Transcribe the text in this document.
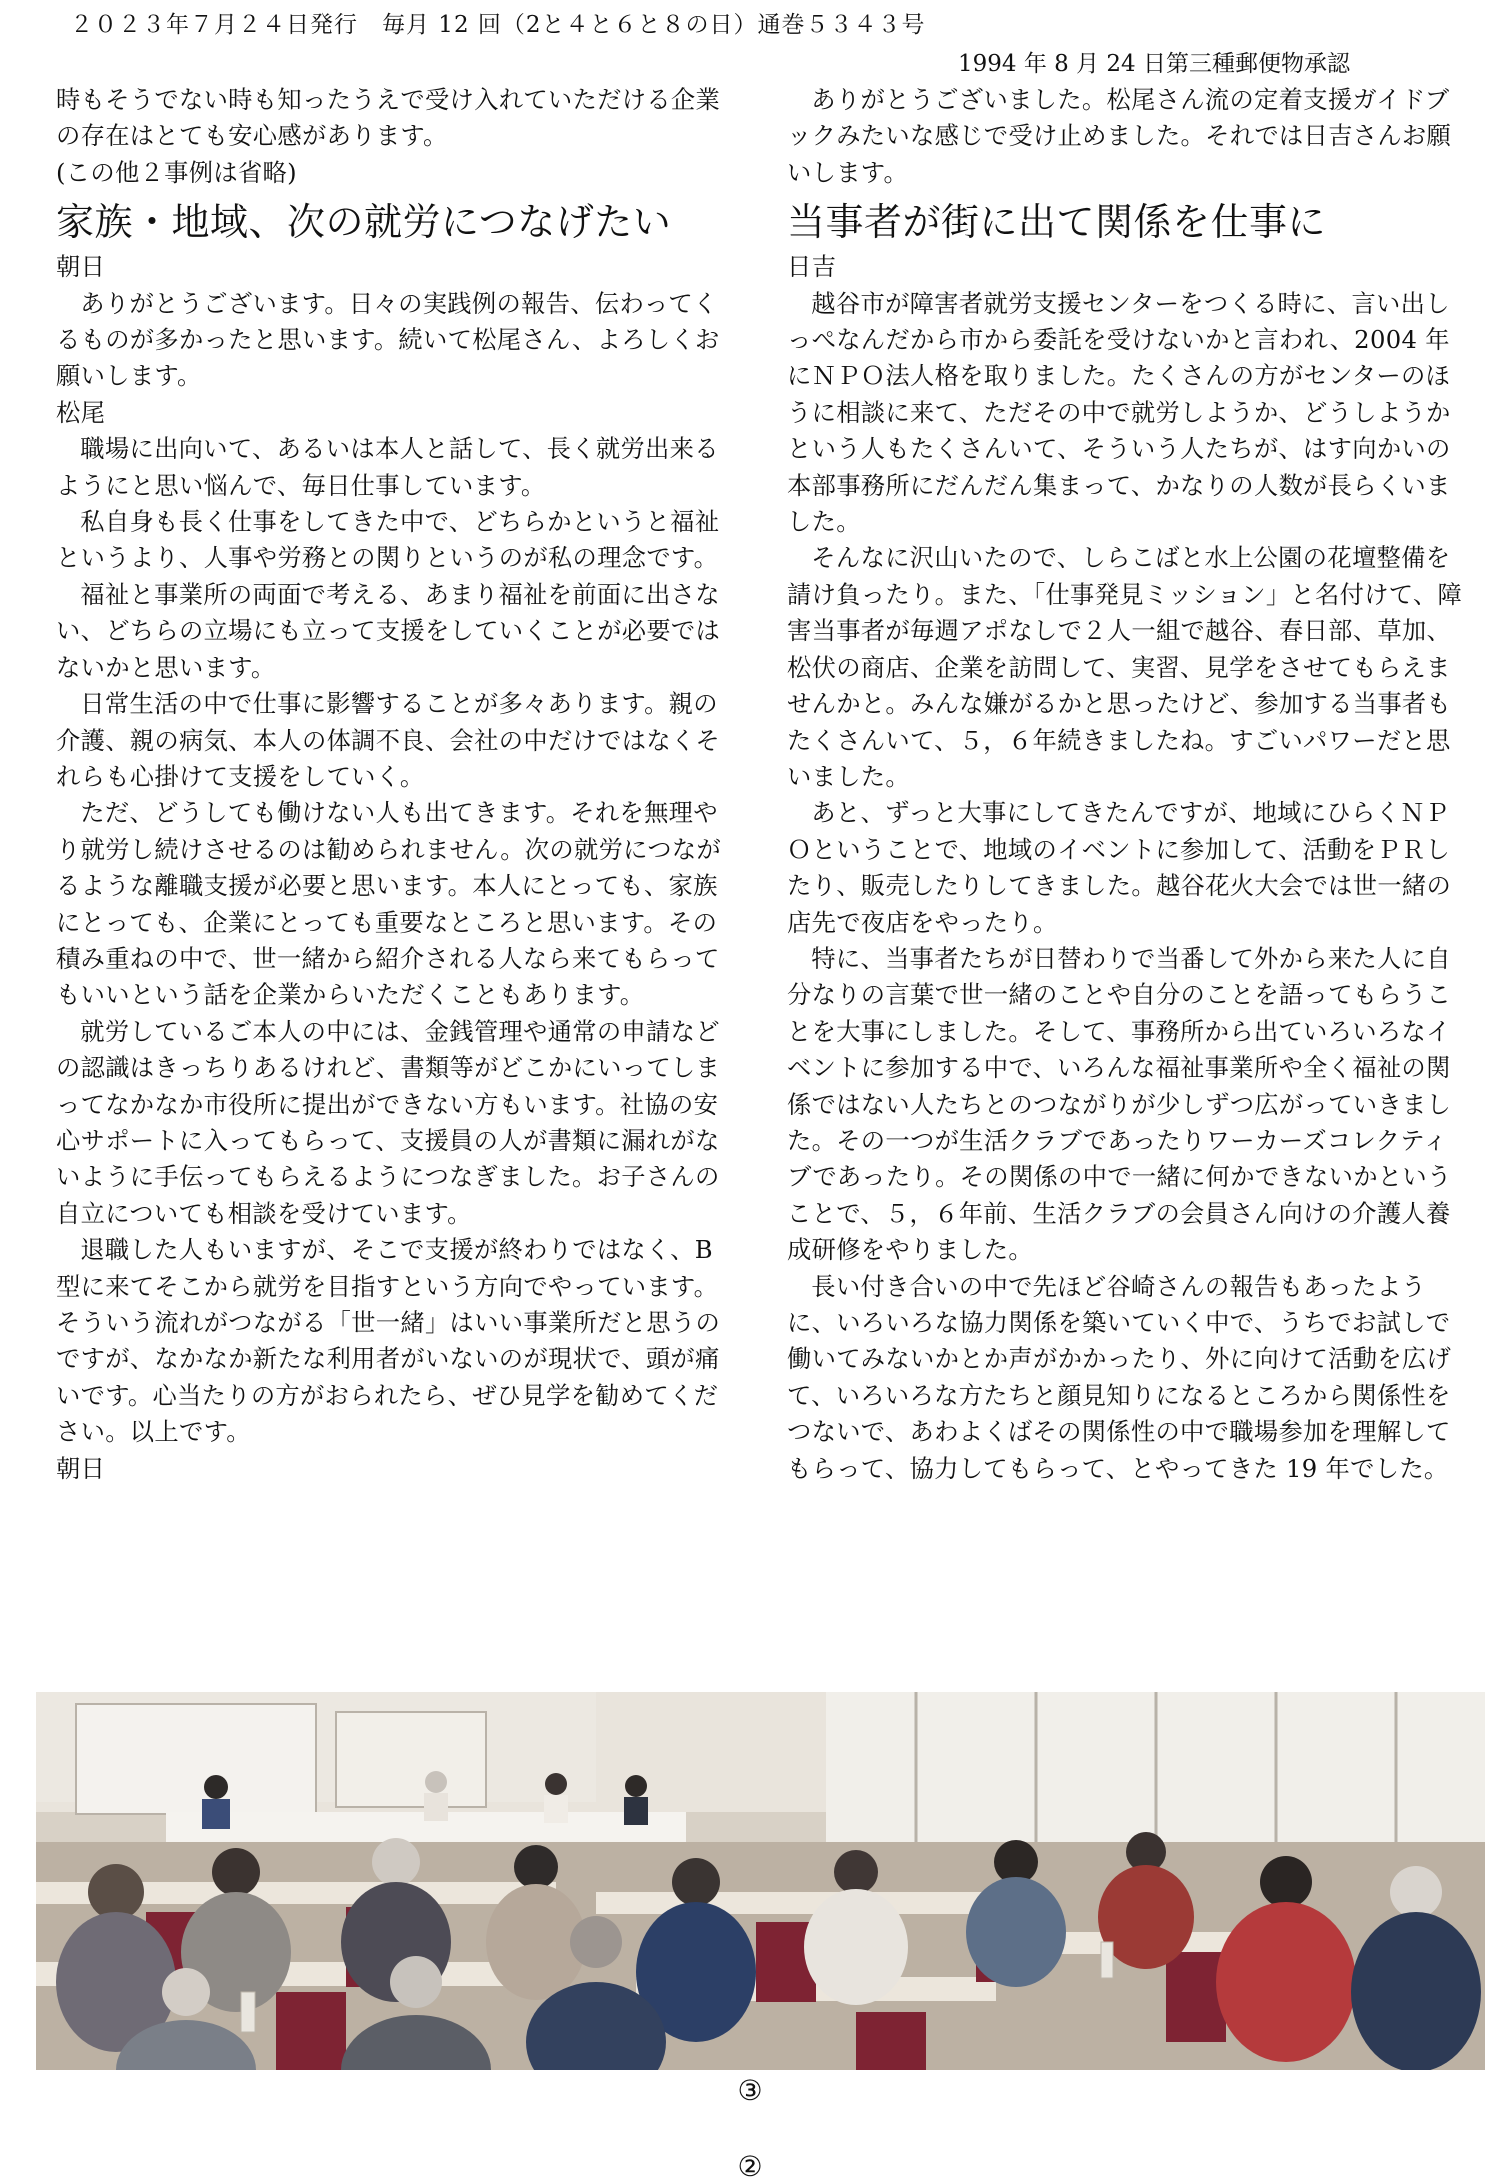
２０２３年７月２４日発行　毎月 12 回（2と４と６と８の日）通巻５３４３号
1994 年 8 月 24 日第三種郵便物承認

時もそうでない時も知ったうえで受け入れていただける企業の存在はとても安心感があります。

(この他２事例は省略)

家族・地域、次の就労につなげたい
朝日

ありがとうございます。日々の実践例の報告、伝わってくるものが多かったと思います。続いて松尾さん、よろしくお願いします。

松尾

職場に出向いて、あるいは本人と話して、長く就労出来るようにと思い悩んで、毎日仕事しています。

私自身も長く仕事をしてきた中で、どちらかというと福祉というより、人事や労務との関りというのが私の理念です。

福祉と事業所の両面で考える、あまり福祉を前面に出さない、どちらの立場にも立って支援をしていくことが必要ではないかと思います。

日常生活の中で仕事に影響することが多々あります。親の介護、親の病気、本人の体調不良、会社の中だけではなくそれらも心掛けて支援をしていく。

ただ、どうしても働けない人も出てきます。それを無理やり就労し続けさせるのは勧められません。次の就労につながるような離職支援が必要と思います。本人にとっても、家族にとっても、企業にとっても重要なところと思います。その積み重ねの中で、世一緒から紹介される人なら来てもらってもいいという話を企業からいただくこともあります。

就労しているご本人の中には、金銭管理や通常の申請などの認識はきっちりあるけれど、書類等がどこかにいってしまってなかなか市役所に提出ができない方もいます。社協の安心サポートに入ってもらって、支援員の人が書類に漏れがないように手伝ってもらえるようにつなぎました。お子さんの自立についても相談を受けています。

退職した人もいますが、そこで支援が終わりではなく、B型に来てそこから就労を目指すという方向でやっています。そういう流れがつながる「世一緒」はいい事業所だと思うのですが、なかなか新たな利用者がいないのが現状で、頭が痛いです。心当たりの方がおられたら、ぜひ見学を勧めてください。以上です。

朝日

ありがとうございました。松尾さん流の定着支援ガイドブックみたいな感じで受け止めました。それでは日吉さんお願いします。

当事者が街に出て関係を仕事に
日吉

越谷市が障害者就労支援センターをつくる時に、言い出しっぺなんだから市から委託を受けないかと言われ、2004 年にＮＰＯ法人格を取りました。たくさんの方がセンターのほうに相談に来て、ただその中で就労しようか、どうしようかという人もたくさんいて、そういう人たちが、はす向かいの本部事務所にだんだん集まって、かなりの人数が長らくいました。

そんなに沢山いたので、しらこばと水上公園の花壇整備を請け負ったり。また、「仕事発見ミッション」と名付けて、障害当事者が毎週アポなしで２人一組で越谷、春日部、草加、松伏の商店、企業を訪問して、実習、見学をさせてもらえませんかと。みんな嫌がるかと思ったけど、参加する当事者もたくさんいて、５，６年続きましたね。すごいパワーだと思いました。

あと、ずっと大事にしてきたんですが、地域にひらくＮＰＯということで、地域のイベントに参加して、活動をＰＲしたり、販売したりしてきました。越谷花火大会では世一緒の店先で夜店をやったり。

特に、当事者たちが日替わりで当番して外から来た人に自分なりの言葉で世一緒のことや自分のことを語ってもらうことを大事にしました。そして、事務所から出ていろいろなイベントに参加する中で、いろんな福祉事業所や全く福祉の関係ではない人たちとのつながりが少しずつ広がっていきました。その一つが生活クラブであったりワーカーズコレクティブであったり。その関係の中で一緒に何かできないかということで、５，６年前、生活クラブの会員さん向けの介護人養成研修をやりました。

長い付き合いの中で先ほど谷崎さんの報告もあったように、いろいろな協力関係を築いていく中で、うちでお試しで働いてみないかとか声がかかったり、外に向けて活動を広げて、いろいろな方たちと顔見知りになるところから関係性をつないで、あわよくばその関係性の中で職場参加を理解してもらって、協力してもらって、とやってきた 19 年でした。

③
②
